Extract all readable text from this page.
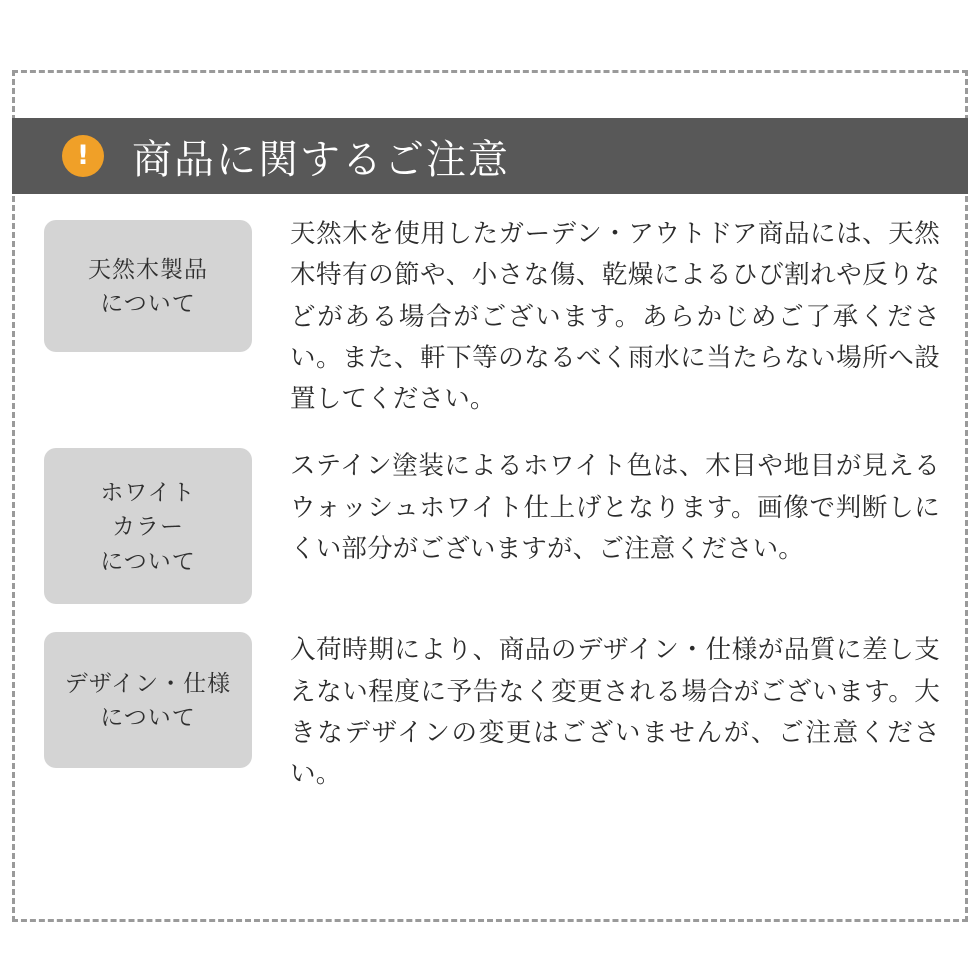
! 商品に関するご注意
天然木製品
について
天然木を使用したガーデン・アウトドア商品には、天然木特有の節や、小さな傷、乾燥によるひび割れや反りなどがある場合がございます。あらかじめご了承ください。また、軒下等のなるべく雨水に当たらない場所へ設置してください。
ホワイト
カラー
について
ステイン塗装によるホワイト色は、木目や地目が見えるウォッシュホワイト仕上げとなります。画像で判断しにくい部分がございますが、ご注意ください。
デザイン・仕様
について
入荷時期により、商品のデザイン・仕様が品質に差し支えない程度に予告なく変更される場合がございます。大きなデザインの変更はございませんが、ご注意ください。
